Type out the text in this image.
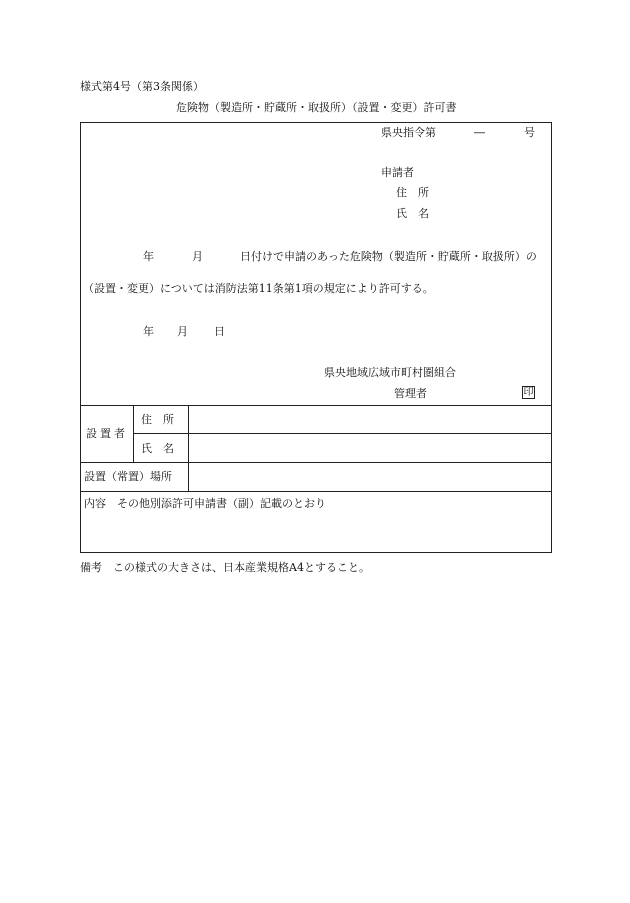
様式第4号（第3条関係）
危険物（製造所・貯蔵所・取扱所）（設置・変更）許可書
県央指令第	―	号
申請者
住　所
氏　名
年	月	日付けで申請のあった危険物（製造所・貯蔵所・取扱所）の
（設置・変更）については消防法第11条第1項の規定により許可する。
年 月 日
県央地域広域市町村圏組合
管理者	印
設置者
住　所
氏　名
設置（常置）場所
内容　その他別添許可申請書（副）記載のとおり
備考　この様式の大きさは、日本産業規格A4とすること。
